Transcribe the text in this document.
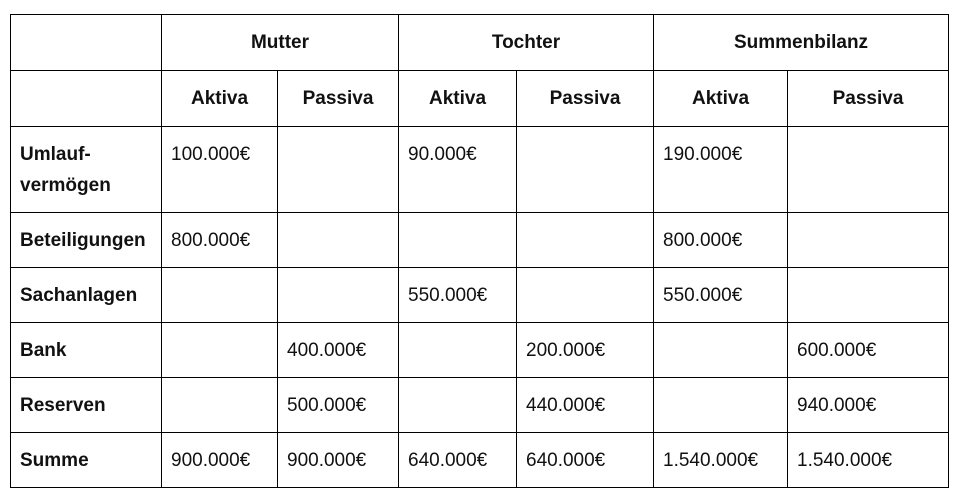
	Mutter		Tochter		Summenbilanz	
	Aktiva	Passiva	Aktiva	Passiva	Aktiva	Passiva
Umlauf-
vermögen	100.000€		90.000€		190.000€	
Beteiligungen	800.000€				800.000€	
Sachanlagen			550.000€		550.000€	
Bank		400.000€		200.000€		600.000€
Reserven		500.000€		440.000€		940.000€
Summe	900.000€	900.000€	640.000€	640.000€	1.540.000€	1.540.000€
